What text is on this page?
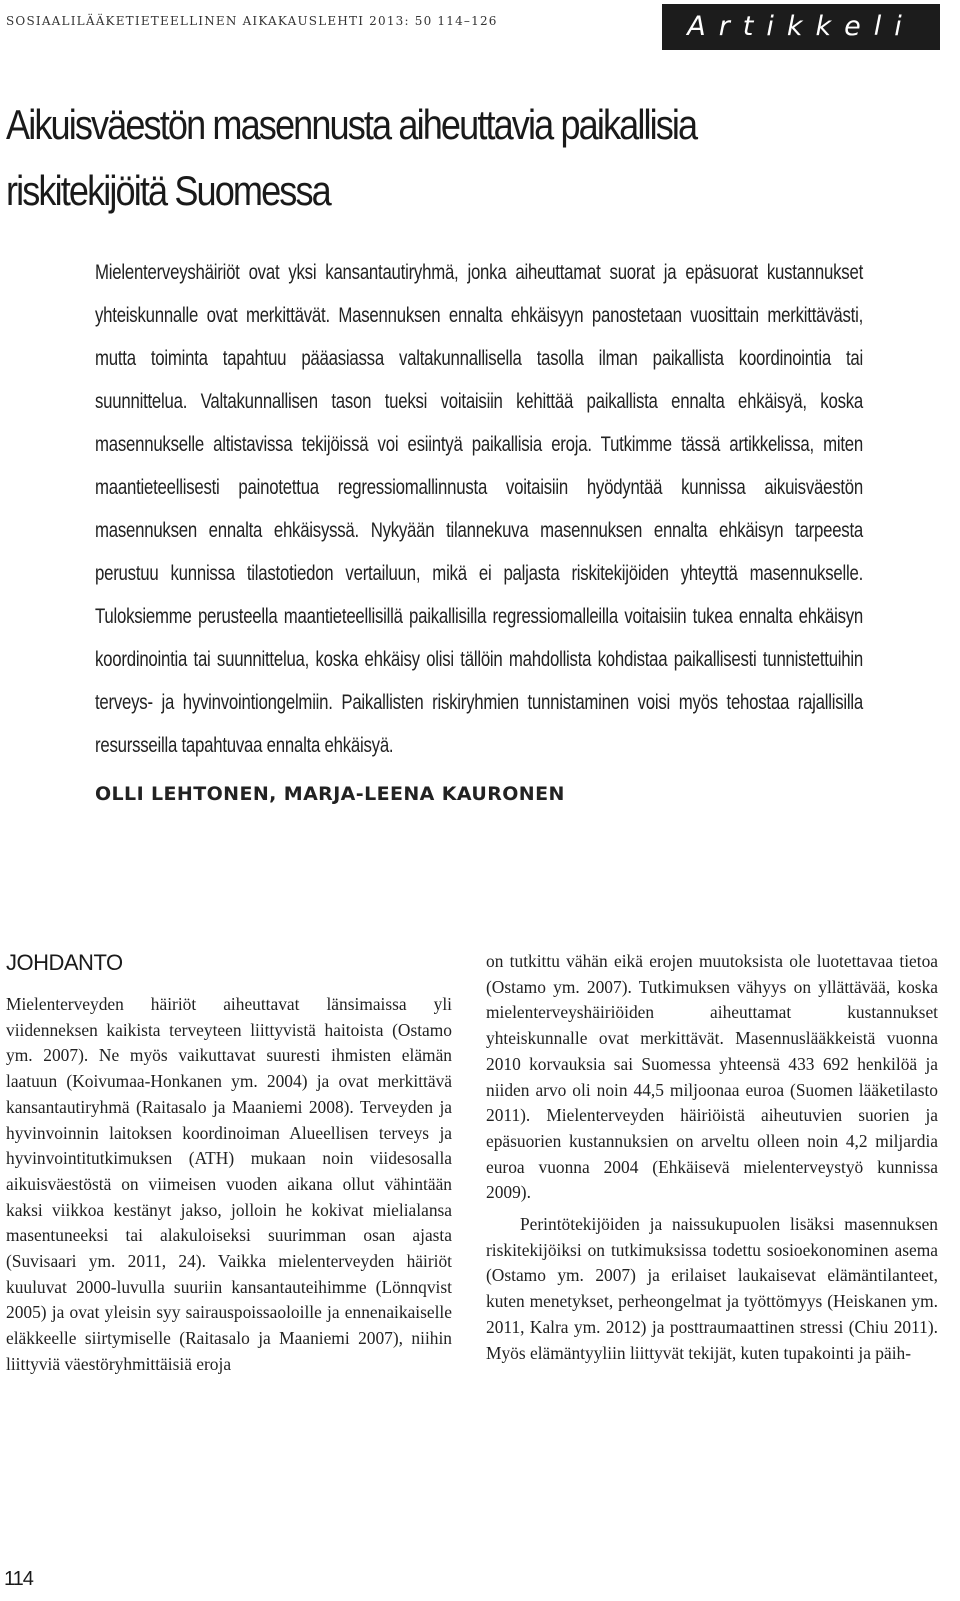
SOSIAALILÄÄKETIETEELLINEN AIKAKAUSLEHTI 2013: 50 114–126	Artikkeli
Aikuisväestön masennusta aiheuttavia paikallisia riskitekijöitä Suomessa

Mielenterveyshäiriöt ovat yksi kansantautiryhmä, jonka aiheuttamat suorat ja epäsuorat kustannukset yhteiskunnalle ovat merkittävät. Masennuksen ennalta ehkäisyyn panostetaan vuosittain merkittävästi, mutta toiminta tapahtuu pääasiassa valtakunnallisella tasolla ilman paikallista koordinointia tai suunnittelua. Valtakunnallisen tason tueksi voitaisiin kehittää paikallista ennalta ehkäisyä, koska masennukselle altistavissa tekijöissä voi esiintyä paikallisia eroja. Tutkimme tässä artikkelissa, miten maantieteellisesti painotettua regressiomallinnusta voitaisiin hyödyntää kunnissa aikuisväestön masennuksen ennalta ehkäisyssä. Nykyään tilannekuva masennuksen ennalta ehkäisyn tarpeesta perustuu kunnissa tilastotiedon vertailuun, mikä ei paljasta riskitekijöiden yhteyttä masennukselle. Tuloksiemme perusteella maantieteellisillä paikallisilla regressiomalleilla voitaisiin tukea ennalta ehkäisyn koordinointia tai suunnittelua, koska ehkäisy olisi tällöin mahdollista kohdistaa paikallisesti tunnistettuihin terveys- ja hyvinvointiongelmiin. Paikallisten riskiryhmien tunnistaminen voisi myös tehostaa rajallisilla resursseilla tapahtuvaa ennalta ehkäisyä.

OLLI LEHTONEN, MARJA-LEENA KAURONEN
JOHDANTO

Mielenterveyden häiriöt aiheuttavat länsimaissa yli viidenneksen kaikista terveyteen liittyvistä haitoista (Ostamo ym. 2007). Ne myös vaikuttavat suuresti ihmisten elämän laatuun (Koivumaa-Honkanen ym. 2004) ja ovat merkittävä kansantautiryhmä (Raitasalo ja Maaniemi 2008). Terveyden ja hyvinvoinnin laitoksen koordinoiman Alueellisen terveys ja hyvinvointitutkimuksen (ATH) mukaan noin viidesosalla aikuisväestöstä on viimeisen vuoden aikana ollut vähintään kaksi viikkoa kestänyt jakso, jolloin he kokivat mielialansa masentuneeksi tai alakuloiseksi suurimman osan ajasta (Suvisaari ym. 2011, 24). Vaikka mielenterveyden häiriöt kuuluvat 2000-luvulla suuriin kansantauteihimme (Lönnqvist 2005) ja ovat yleisin syy sairauspoissaoloille ja ennenaikaiselle eläkkeelle siirtymiselle (Raitasalo ja Maaniemi 2007), niihin liittyviä väestöryhmittäisiä eroja

on tutkittu vähän eikä erojen muutoksista ole luotettavaa tietoa (Ostamo ym. 2007). Tutkimuksen vähyys on yllättävää, koska mielenterveyshäiriöiden aiheuttamat kustannukset yhteiskunnalle ovat merkittävät. Masennuslääkkeistä vuonna 2010 korvauksia sai Suomessa yhteensä 433 692 henkilöä ja niiden arvo oli noin 44,5 miljoonaa euroa (Suomen lääketilasto 2011). Mielenterveyden häiriöistä aiheutuvien suorien ja epäsuorien kustannuksien on arveltu olleen noin 4,2 miljardia euroa vuonna 2004 (Ehkäisevä mielenterveystyö kunnissa 2009).

Perintötekijöiden ja naissukupuolen lisäksi masennuksen riskitekijöiksi on tutkimuksissa todettu sosioekonominen asema (Ostamo ym. 2007) ja erilaiset laukaisevat elämäntilanteet, kuten menetykset, perheongelmat ja työttömyys (Heiskanen ym. 2011, Kalra ym. 2012) ja posttraumaattinen stressi (Chiu 2011). Myös elämäntyyliin liittyvät tekijät, kuten tupakointi ja päih-

114
